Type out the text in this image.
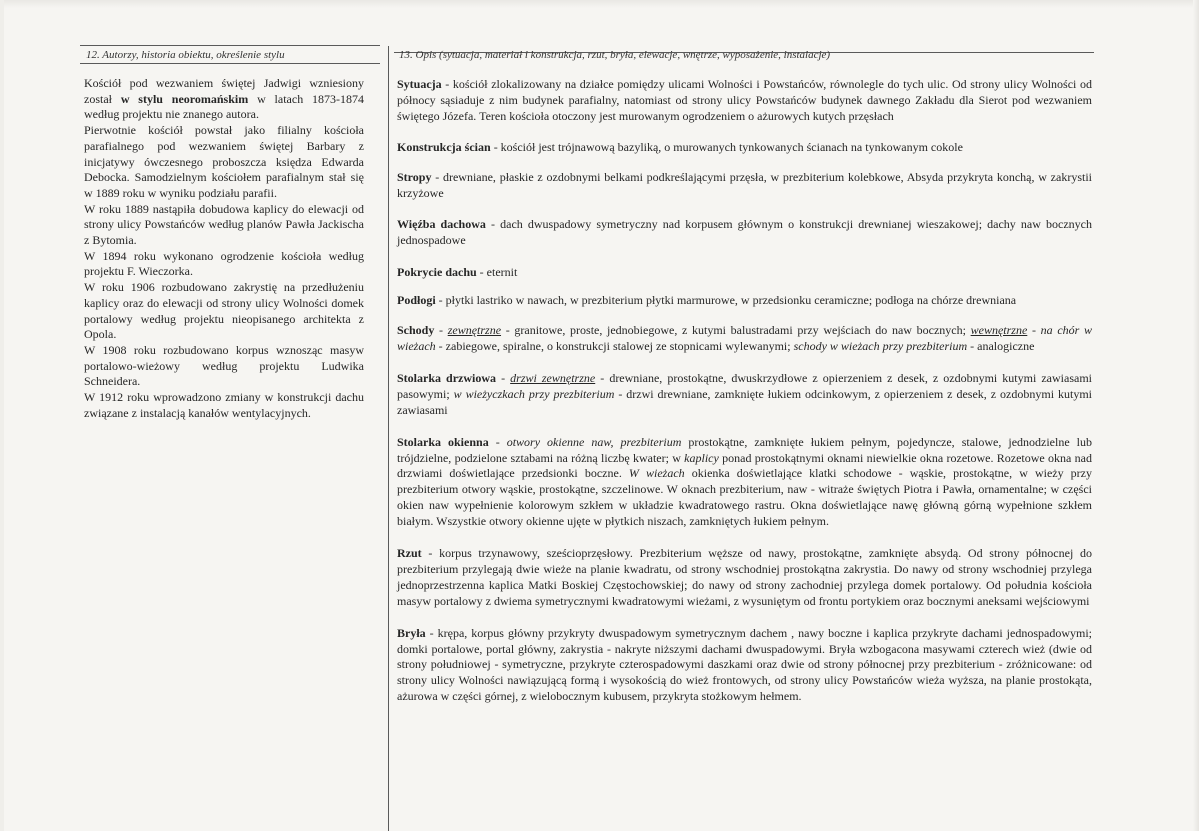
12. Autorzy, historia obiektu, określenie stylu	13. Opis (sytuacja, materiał i konstrukcja, rzut, bryła, elewacje, wnętrze, wyposażenie, instalacje)

Kościół pod wezwaniem świętej Jadwigi wzniesiony został w stylu neoromańskim w latach 1873-1874 według projektu nie znanego autora.

Pierwotnie kościół powstał jako filialny kościoła parafialnego pod wezwaniem świętej Barbary z inicjatywy ówczesnego proboszcza księdza Edwarda Debocka. Samodzielnym kościołem parafialnym stał się w 1889 roku w wyniku podziału parafii.

W roku 1889 nastąpiła dobudowa kaplicy do elewacji od strony ulicy Powstańców według planów Pawła Jackischa z Bytomia.

W 1894 roku wykonano ogrodzenie kościoła według projektu F. Wieczorka.

W roku 1906 rozbudowano zakrystię na przedłużeniu kaplicy oraz do elewacji od strony ulicy Wolności domek portalowy według projektu nieopisanego architekta z Opola.

W 1908 roku rozbudowano korpus wznosząc masyw portalowo-wieżowy według projektu Ludwika Schneidera.

W 1912 roku wprowadzono zmiany w konstrukcji dachu związane z instalacją kanałów wentylacyjnych.

Sytuacja - kościół zlokalizowany na działce pomiędzy ulicami Wolności i Powstańców, równolegle do tych ulic. Od strony ulicy Wolności od północy sąsiaduje z nim budynek parafialny, natomiast od strony ulicy Powstańców budynek dawnego Zakładu dla Sierot pod wezwaniem świętego Józefa. Teren kościoła otoczony jest murowanym ogrodzeniem o ażurowych kutych przęsłach

Konstrukcja ścian - kościół jest trójnawową bazyliką, o murowanych tynkowanych ścianach na tynkowanym cokole

Stropy - drewniane, płaskie z ozdobnymi belkami podkreślającymi przęsła, w prezbiterium kolebkowe, Absyda przykryta konchą, w zakrystii krzyżowe

Więźba dachowa - dach dwuspadowy symetryczny nad korpusem głównym o konstrukcji drewnianej wieszakowej; dachy naw bocznych jednospadowe

Pokrycie dachu - eternit

Podłogi - płytki lastriko w nawach, w prezbiterium płytki marmurowe, w przedsionku ceramiczne; podłoga na chórze drewniana

Schody - zewnętrzne - granitowe, proste, jednobiegowe, z kutymi balustradami przy wejściach do naw bocznych; wewnętrzne - na chór w wieżach - zabiegowe, spiralne, o konstrukcji stalowej ze stopnicami wylewanymi; schody w wieżach przy prezbiterium - analogiczne

Stolarka drzwiowa - drzwi zewnętrzne - drewniane, prostokątne, dwuskrzydłowe z opierzeniem z desek, z ozdobnymi kutymi zawiasami pasowymi; w wieżyczkach przy prezbiterium - drzwi drewniane, zamknięte łukiem odcinkowym, z opierzeniem z desek, z ozdobnymi kutymi zawiasami

Stolarka okienna - otwory okienne naw, prezbiterium prostokątne, zamknięte łukiem pełnym, pojedyncze, stalowe, jednodzielne lub trójdzielne, podzielone sztabami na różną liczbę kwater; w kaplicy ponad prostokątnymi oknami niewielkie okna rozetowe. Rozetowe okna nad drzwiami doświetlające przedsionki boczne. W wieżach okienka doświetlające klatki schodowe - wąskie, prostokątne, w wieży przy prezbiterium otwory wąskie, prostokątne, szczelinowe. W oknach prezbiterium, naw - witraże świętych Piotra i Pawła, ornamentalne; w części okien naw wypełnienie kolorowym szkłem w układzie kwadratowego rastru. Okna doświetlające nawę główną górną wypełnione szkłem białym. Wszystkie otwory okienne ujęte w płytkich niszach, zamkniętych łukiem pełnym.

Rzut - korpus trzynawowy, sześcioprzęsłowy. Prezbiterium węższe od nawy, prostokątne, zamknięte absydą. Od strony północnej do prezbiterium przylegają dwie wieże na planie kwadratu, od strony wschodniej prostokątna zakrystia. Do nawy od strony wschodniej przylega jednoprzestrzenna kaplica Matki Boskiej Częstochowskiej; do nawy od strony zachodniej przylega domek portalowy. Od południa kościoła masyw portalowy z dwiema symetrycznymi kwadratowymi wieżami, z wysuniętym od frontu portykiem oraz bocznymi aneksami wejściowymi

Bryła - krępa, korpus główny przykryty dwuspadowym symetrycznym dachem , nawy boczne i kaplica przykryte dachami jednospadowymi; domki portalowe, portal główny, zakrystia - nakryte niższymi dachami dwuspadowymi. Bryła wzbogacona masywami czterech wież (dwie od strony południowej - symetryczne, przykryte czterospadowymi daszkami oraz dwie od strony północnej przy prezbiterium - zróżnicowane: od strony ulicy Wolności nawiązującą formą i wysokością do wież frontowych, od strony ulicy Powstańców wieża wyższa, na planie prostokąta, ażurowa w części górnej, z wielobocznym kubusem, przykryta stożkowym hełmem.
